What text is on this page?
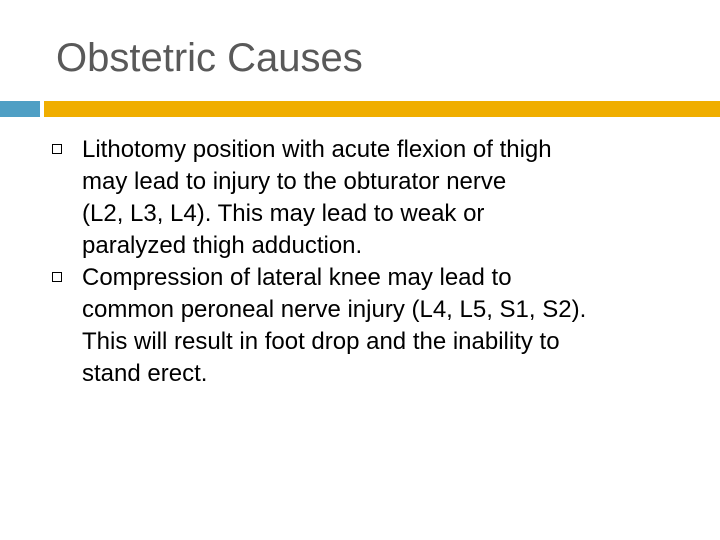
Obstetric Causes
Lithotomy position with acute flexion of thigh
may lead to injury to the obturator nerve
(L2, L3, L4). This may lead to weak or
paralyzed thigh adduction.
Compression of lateral knee may lead to
common peroneal nerve injury (L4, L5, S1, S2).
This will result in foot drop and the inability to
stand erect.
